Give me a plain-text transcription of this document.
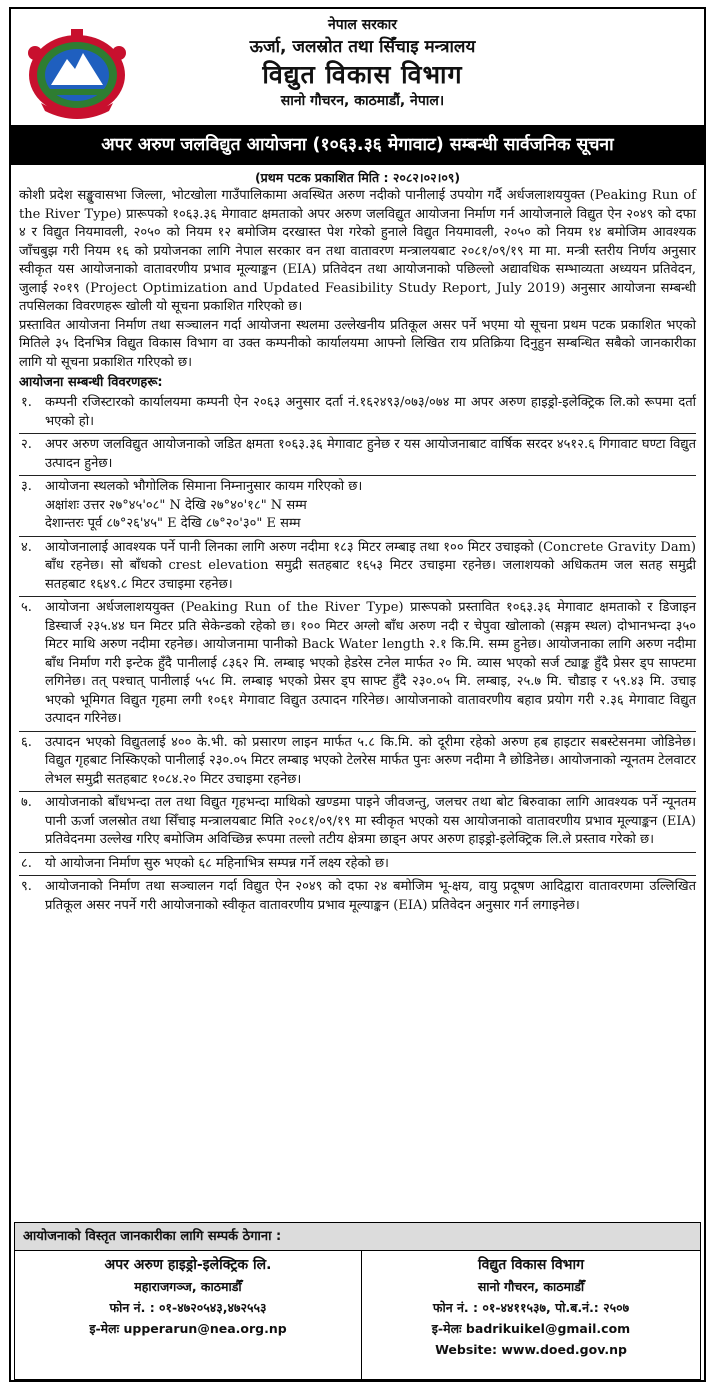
नेपाल सरकार
ऊर्जा, जलस्रोत तथा सिँचाइ मन्त्रालय
विद्युत विकास विभाग
सानो गौचरन, काठमाडौं, नेपाल।
अपर अरुण जलविद्युत आयोजना (१०६३.३६ मेगावाट) सम्बन्धी सार्वजनिक सूचना
(प्रथम पटक प्रकाशित मिति : २०८२।०२।०९)

कोशी प्रदेश सङ्खुवासभा जिल्ला, भोटखोला गाउँपालिकामा अवस्थित अरुण नदीको पानीलाई उपयोग गर्दै अर्धजलाशययुक्त (Peaking Run of the River Type) प्रारूपको १०६३.३६ मेगावाट क्षमताको अपर अरुण जलविद्युत आयोजना निर्माण गर्न आयोजनाले विद्युत ऐन २०४९ को दफा ४ र विद्युत नियमावली, २०५० को नियम १२ बमोजिम दरखास्त पेश गरेको हुनाले विद्युत नियमावली, २०५० को नियम १४ बमोजिम आवश्यक जाँचबुझ गरी नियम १६ को प्रयोजनका लागि नेपाल सरकार वन तथा वातावरण मन्त्रालयबाट २०८१/०९/१९ मा मा. मन्त्री स्तरीय निर्णय अनुसार स्वीकृत यस आयोजनाको वातावरणीय प्रभाव मूल्याङ्कन (EIA) प्रतिवेदन तथा आयोजनाको पछिल्लो अद्यावधिक सम्भाव्यता अध्ययन प्रतिवेदन, जुलाई २०१९ (Project Optimization and Updated Feasibility Study Report, July 2019) अनुसार आयोजना सम्बन्धी तपसिलका विवरणहरू खोली यो सूचना प्रकाशित गरिएको छ।

प्रस्तावित आयोजना निर्माण तथा सञ्चालन गर्दा आयोजना स्थलमा उल्लेखनीय प्रतिकूल असर पर्ने भएमा यो सूचना प्रथम पटक प्रकाशित भएको मितिले ३५ दिनभित्र विद्युत विकास विभाग वा उक्त कम्पनीको कार्यालयमा आफ्नो लिखित राय प्रतिक्रिया दिनुहुन सम्बन्धित सबैको जानकारीका लागि यो सूचना प्रकाशित गरिएको छ।

आयोजना सम्बन्धी विवरणहरू:
१. कम्पनी रजिस्टारको कार्यालयमा कम्पनी ऐन २०६३ अनुसार दर्ता नं.१६२४९३/०७३/०७४ मा अपर अरुण हाइड्रो-इलेक्ट्रिक लि.को रूपमा दर्ता भएको हो।
२. अपर अरुण जलविद्युत आयोजनाको जडित क्षमता १०६३.३६ मेगावाट हुनेछ र यस आयोजनाबाट वार्षिक सरदर ४५१२.६ गिगावाट घण्टा विद्युत उत्पादन हुनेछ।
३. आयोजना स्थलको भौगोलिक सिमाना निम्नानुसार कायम गरिएको छ।
अक्षांशः उत्तर २७°४५'०८" N देखि २७°४०'१८" N सम्म
देशान्तरः पूर्व ८७°२६'४५" E देखि ८७°२०'३०" E सम्म
४. आयोजनालाई आवश्यक पर्ने पानी लिनका लागि अरुण नदीमा १८३ मिटर लम्बाइ तथा १०० मिटर उचाइको (Concrete Gravity Dam) बाँध रहनेछ। सो बाँधको crest elevation समुद्री सतहबाट १६५३ मिटर उचाइमा रहनेछ। जलाशयको अधिकतम जल सतह समुद्री सतहबाट १६४९.८ मिटर उचाइमा रहनेछ।
५. आयोजना अर्धजलाशययुक्त (Peaking Run of the River Type) प्रारूपको प्रस्तावित १०६३.३६ मेगावाट क्षमताको र डिजाइन डिस्चार्ज २३५.४४ घन मिटर प्रति सेकेन्डको रहेको छ। १०० मिटर अग्लो बाँध अरुण नदी र चेपुवा खोलाको (सङ्गम स्थल) दोभानभन्दा ३५० मिटर माथि अरुण नदीमा रहनेछ। आयोजनामा पानीको Back Water length २.१ कि.मि. सम्म हुनेछ। आयोजनाका लागि अरुण नदीमा बाँध निर्माण गरी इन्टेक हुँदै पानीलाई ८३६२ मि. लम्बाइ भएको हेडरेस टनेल मार्फत २० मि. व्यास भएको सर्ज ट्याङ्क हुँदै प्रेसर ड्प साफ्टमा लगिनेछ। तत् पश्चात् पानीलाई ५५८ मि. लम्बाइ भएको प्रेसर ड्प साफ्ट हुँदै २३०.०५ मि. लम्बाइ, २५.७ मि. चौडाइ र ५९.४३ मि. उचाइ भएको भूमिगत विद्युत गृहमा लगी १०६१ मेगावाट विद्युत उत्पादन गरिनेछ। आयोजनाको वातावरणीय बहाव प्रयोग गरी २.३६ मेगावाट विद्युत उत्पादन गरिनेछ।
६. उत्पादन भएको विद्युतलाई ४०० के.भी. को प्रसारण लाइन मार्फत ५.८ कि.मि. को दूरीमा रहेको अरुण हब हाइटार सबस्टेसनमा जोडिनेछ। विद्युत गृहबाट निस्किएको पानीलाई २३०.०५ मिटर लम्बाइ भएको टेलरेस मार्फत पुनः अरुण नदीमा नै छोडिनेछ। आयोजनाको न्यूनतम टेलवाटर लेभल समुद्री सतहबाट १०८४.२० मिटर उचाइमा रहनेछ।
७. आयोजनाको बाँधभन्दा तल तथा विद्युत गृहभन्दा माथिको खण्डमा पाइने जीवजन्तु, जलचर तथा बोट बिरुवाका लागि आवश्यक पर्ने न्यूनतम पानी ऊर्जा जलस्रोत तथा सिँचाइ मन्त्रालयबाट मिति २०८१/०९/१९ मा स्वीकृत भएको यस आयोजनाको वातावरणीय प्रभाव मूल्याङ्कन (EIA) प्रतिवेदनमा उल्लेख गरिए बमोजिम अविच्छिन्न रूपमा तल्लो तटीय क्षेत्रमा छाड्न अपर अरुण हाइड्रो-इलेक्ट्रिक लि.ले प्रस्ताव गरेको छ।
८. यो आयोजना निर्माण सुरु भएको ६८ महिनाभित्र सम्पन्न गर्ने लक्ष्य रहेको छ।
९. आयोजनाको निर्माण तथा सञ्चालन गर्दा विद्युत ऐन २०४९ को दफा २४ बमोजिम भू-क्षय, वायु प्रदूषण आदिद्वारा वातावरणमा उल्लिखित प्रतिकूल असर नपर्ने गरी आयोजनाको स्वीकृत वातावरणीय प्रभाव मूल्याङ्कन (EIA) प्रतिवेदन अनुसार गर्न लगाइनेछ।
आयोजनाको विस्तृत जानकारीका लागि सम्पर्क ठेगाना :
अपर अरुण हाइड्रो-इलेक्ट्रिक लि.
महाराजगञ्ज, काठमाडौँ
फोन नं. : ०१-४७२०५४३,४७२५५३
इ-मेलः upperarun@nea.org.np
विद्युत विकास विभाग
सानो गौचरन, काठमाडौँ
फोन नं. : ०१-४४११५३७, पो.ब.नं.: २५०७
इ-मेलः badrikuikel@gmail.com
Website: www.doed.gov.np
